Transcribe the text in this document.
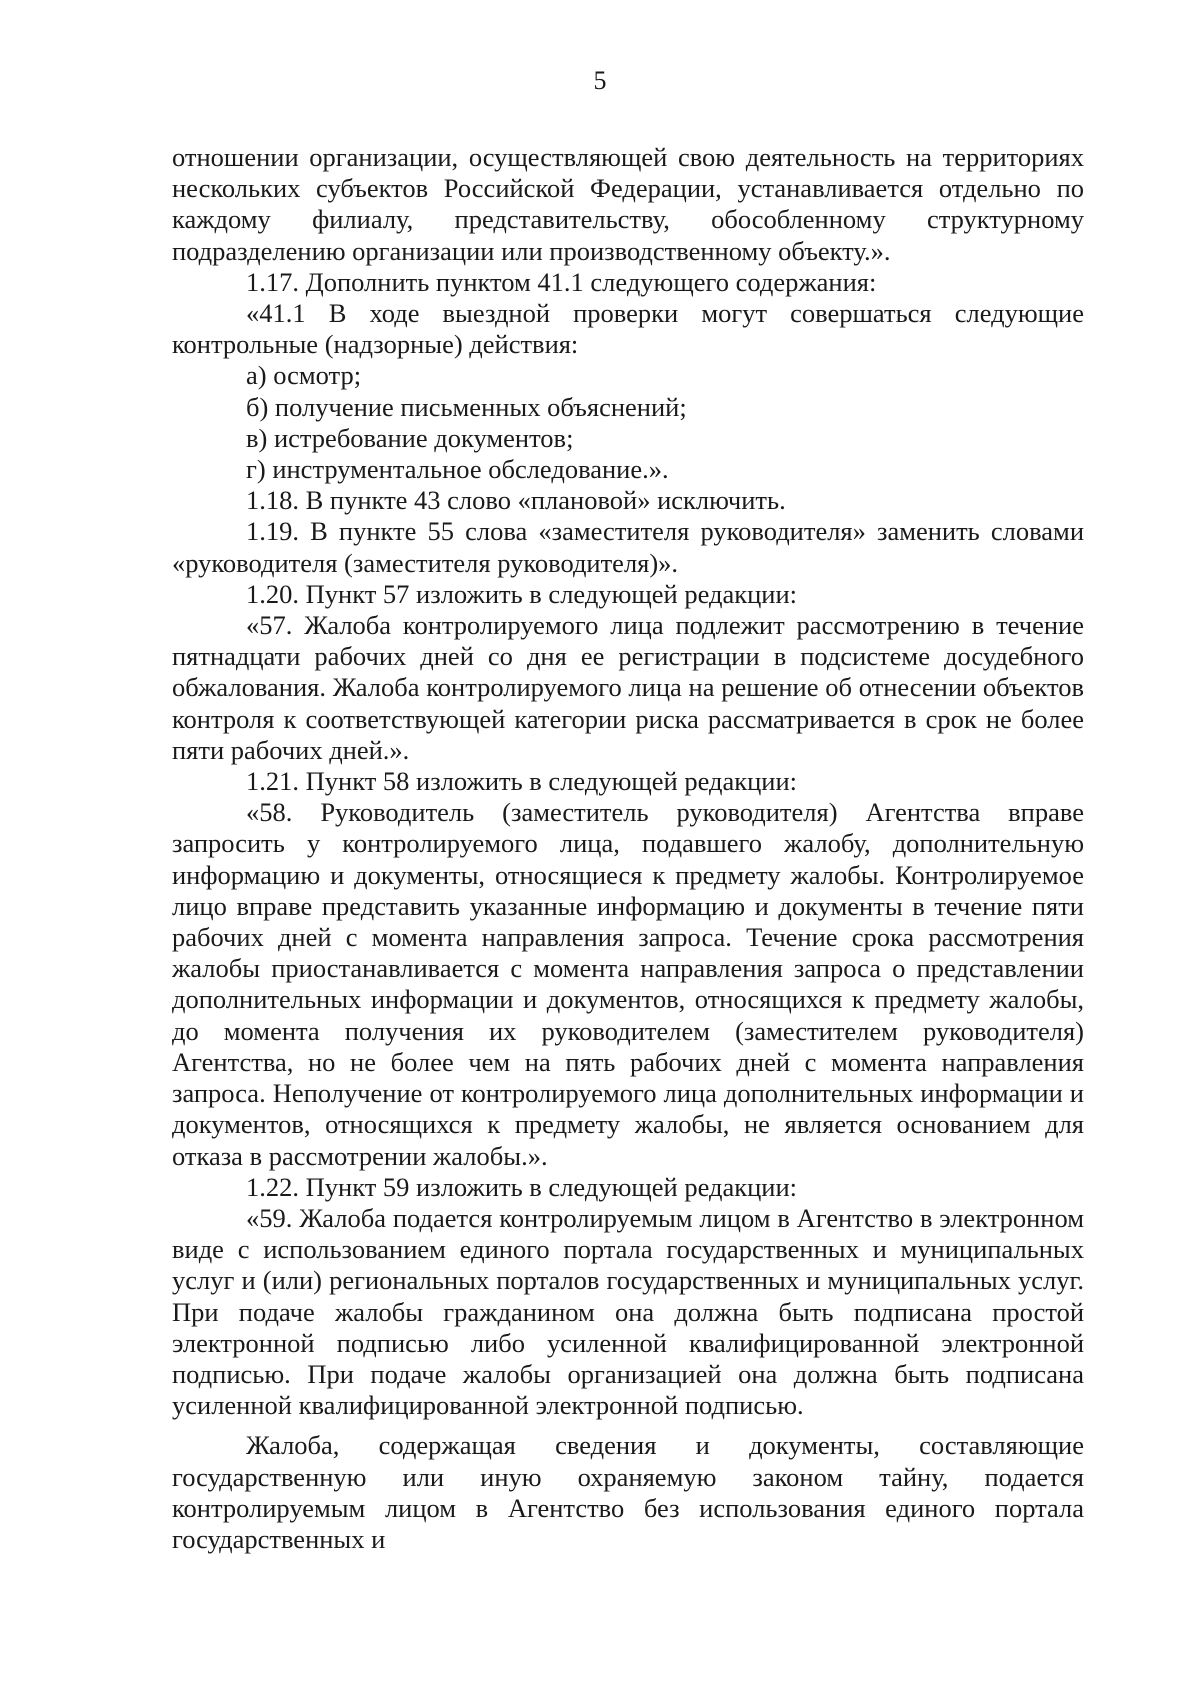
5

отношении организации, осуществляющей свою деятельность на территориях нескольких субъектов Российской Федерации, устанавливается отдельно по каждому филиалу, представительству, обособленному структурному подразделению организации или производственному объекту.».

1.17. Дополнить пунктом 41.1 следующего содержания:

«41.1 В ходе выездной проверки могут совершаться следующие контрольные (надзорные) действия:

а) осмотр;

б) получение письменных объяснений;

в) истребование документов;

г) инструментальное обследование.».

1.18. В пункте 43 слово «плановой» исключить.

1.19. В пункте 55 слова «заместителя руководителя» заменить словами «руководителя (заместителя руководителя)».

1.20. Пункт 57 изложить в следующей редакции:

«57. Жалоба контролируемого лица подлежит рассмотрению в течение пятнадцати рабочих дней со дня ее регистрации в подсистеме досудебного обжалования. Жалоба контролируемого лица на решение об отнесении объектов контроля к соответствующей категории риска рассматривается в срок не более пяти рабочих дней.».

1.21. Пункт 58 изложить в следующей редакции:

«58. Руководитель (заместитель руководителя) Агентства вправе запросить у контролируемого лица, подавшего жалобу, дополнительную информацию и документы, относящиеся к предмету жалобы. Контролируемое лицо вправе представить указанные информацию и документы в течение пяти рабочих дней с момента направления запроса. Течение срока рассмотрения жалобы приостанавливается с момента направления запроса о представлении дополнительных информации и документов, относящихся к предмету жалобы, до момента получения их руководителем (заместителем руководителя) Агентства, но не более чем на пять рабочих дней с момента направления запроса. Неполучение от контролируемого лица дополнительных информации и документов, относящихся к предмету жалобы, не является основанием для отказа в рассмотрении жалобы.».

1.22. Пункт 59 изложить в следующей редакции:

«59. Жалоба подается контролируемым лицом в Агентство в электронном виде с использованием единого портала государственных и муниципальных услуг и (или) региональных порталов государственных и муниципальных услуг. При подаче жалобы гражданином она должна быть подписана простой электронной подписью либо усиленной квалифицированной электронной подписью. При подаче жалобы организацией она должна быть подписана усиленной квалифицированной электронной подписью.

Жалоба, содержащая сведения и документы, составляющие государственную или иную охраняемую законом тайну, подается контролируемым лицом в Агентство без использования единого портала государственных и
